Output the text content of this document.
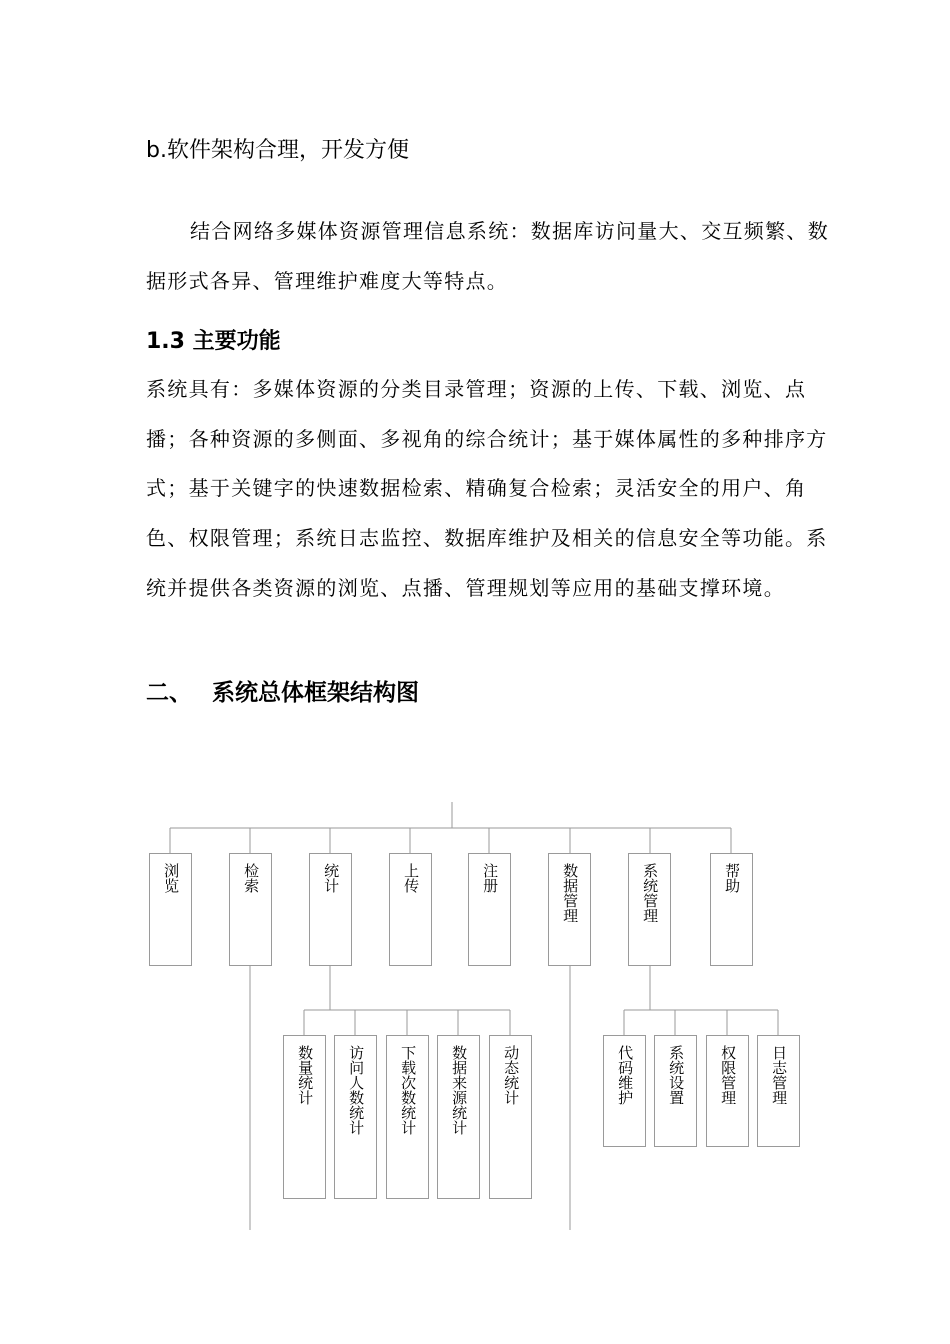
b.软件架构合理，开发方便

结合网络多媒体资源管理信息系统：数据库访问量大、交互频繁、数据形式各异、管理维护难度大等特点。

1.3 主要功能

系统具有：多媒体资源的分类目录管理；资源的上传、下载、浏览、点播；各种资源的多侧面、多视角的综合统计；基于媒体属性的多种排序方式；基于关键字的快速数据检索、精确复合检索；灵活安全的用户、角色、权限管理；系统日志监控、数据库维护及相关的信息安全等功能。系统并提供各类资源的浏览、点播、管理规划等应用的基础支撑环境。

二、 系统总体框架结构图
浏览	检索	统计	上传	注册	数据管理	系统管理	帮助
数量统计 访问人数统计 下载次数统计 数据来源统计 动态统计	代码维护 系统设置 权限管理 日志管理
